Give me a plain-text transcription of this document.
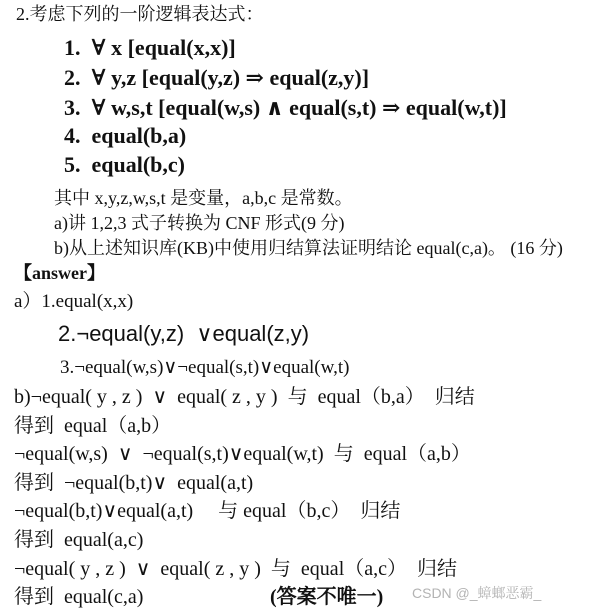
2.考虑下列的一阶逻辑表达式：
1.  ∀ x [equal(x,x)]
2.  ∀ y,z [equal(y,z) ⇒ equal(z,y)]
3.  ∀ w,s,t [equal(w,s) ∧ equal(s,t) ⇒ equal(w,t)]
4.  equal(b,a)
5.  equal(b,c)
其中 x,y,z,w,s,t 是变量，a,b,c 是常数。
a)讲 1,2,3 式子转换为 CNF 形式(9 分)
b)从上述知识库(KB)中使用归结算法证明结论 equal(c,a)。 (16 分)
【answer】
a）1.equal(x,x)
2.¬equal(y,z)  ∨equal(z,y)
3.¬equal(w,s)∨¬equal(s,t)∨equal(w,t)
b)¬equal( y , z )  ∨  equal( z , y )  与  equal（b,a）  归结
得到  equal（a,b）
¬equal(w,s)  ∨  ¬equal(s,t)∨equal(w,t)  与  equal（a,b）
得到  ¬equal(b,t)∨  equal(a,t)
¬equal(b,t)∨equal(a,t)     与 equal（b,c）  归结
得到  equal(a,c)
¬equal( y , z )  ∨  equal( z , y )  与  equal（a,c）  归结
得到  equal(c,a)	(答案不唯一) CSDN @_蟑螂恶霸_
